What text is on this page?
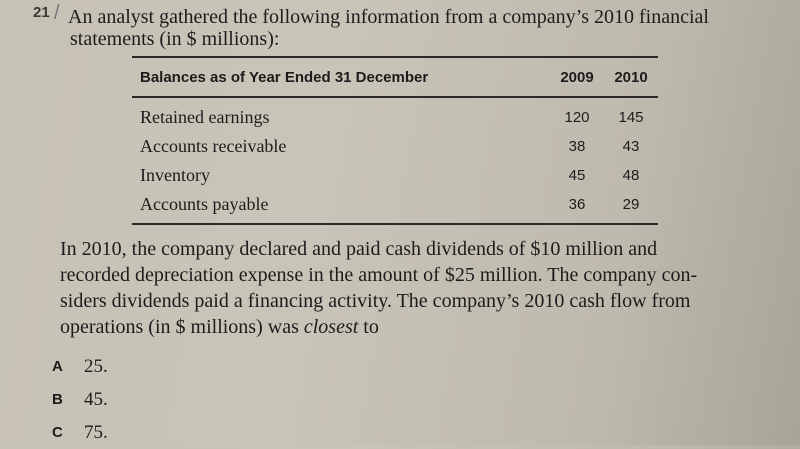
21 / An analyst gathered the following information from a company’s 2010 financial

statements (in $ millions):

Balances as of Year Ended 31 December	2009	2010
Retained earnings	120	145
Accounts receivable	38	43
Inventory	45	48
Accounts payable	36	29
In 2010, the company declared and paid cash dividends of $10 million and
recorded depreciation expense in the amount of $25 million. The company con-
siders dividends paid a financing activity. The company’s 2010 cash flow from
operations (in $ millions) was closest to
A	25.
B	45.
C	75.
